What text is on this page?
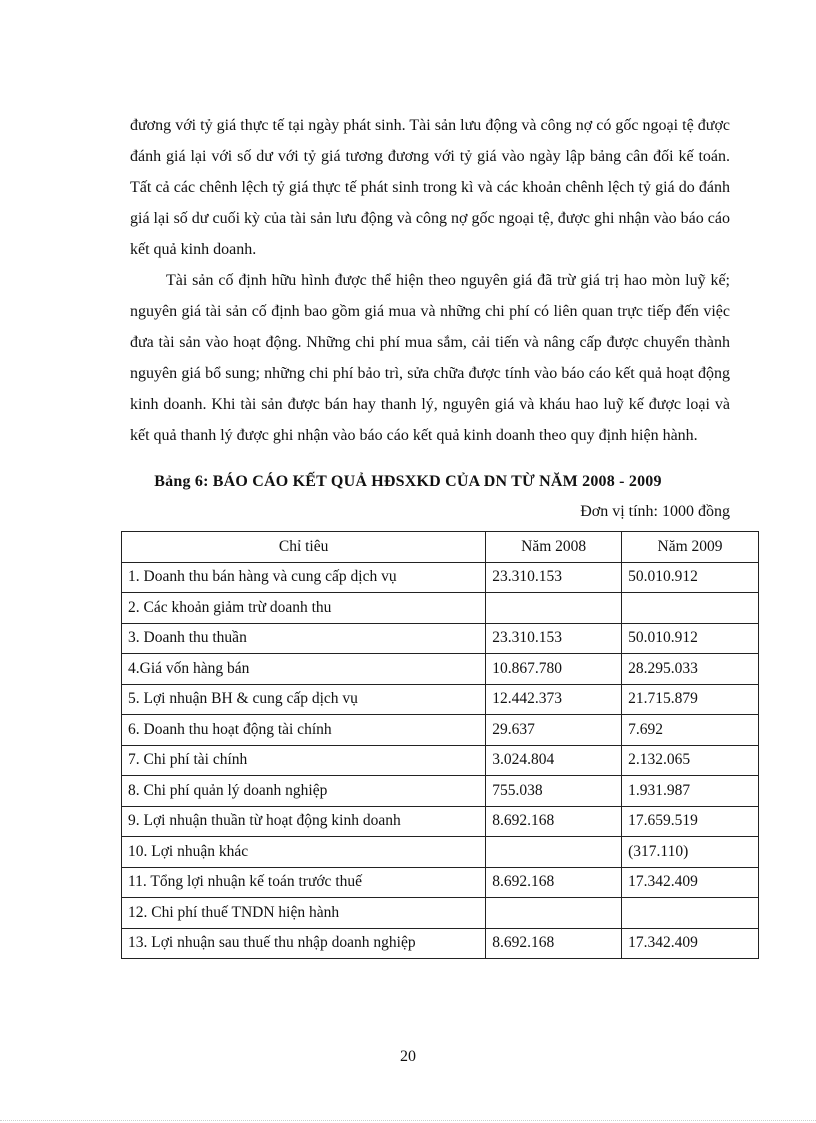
đương với tỷ giá thực tế tại ngày phát sinh. Tài sản lưu động và công nợ có gốc ngoại tệ được đánh giá lại với số dư với tỷ giá tương đương với tỷ giá vào ngày lập bảng cân đối kế toán. Tất cả các chênh lệch tỷ giá thực tế phát sinh trong kì và các khoản chênh lệch tỷ giá do đánh giá lại số dư cuối kỳ của tài sản lưu động và công nợ gốc ngoại tệ, được ghi nhận vào báo cáo kết quả kinh doanh.

Tài sản cố định hữu hình được thể hiện theo nguyên giá đã trừ giá trị hao mòn luỹ kế; nguyên giá tài sản cố định bao gồm giá mua và những chi phí có liên quan trực tiếp đến việc đưa tài sản vào hoạt động. Những chi phí mua sắm, cải tiến và nâng cấp được chuyển thành nguyên giá bổ sung; những chi phí bảo trì, sửa chữa được tính vào báo cáo kết quả hoạt động kinh doanh. Khi tài sản được bán hay thanh lý, nguyên giá và kháu hao luỹ kế được loại và kết quả thanh lý được ghi nhận vào báo cáo kết quả kinh doanh theo quy định hiện hành.

Bảng 6: BÁO CÁO KẾT QUẢ HĐSXKD CỦA DN TỪ NĂM 2008 - 2009

Đơn vị tính: 1000 đồng

Chỉ tiêu	Năm 2008	Năm 2009
1. Doanh thu bán hàng và cung cấp dịch vụ	23.310.153	50.010.912
2. Các khoản giảm trừ doanh thu		
3. Doanh thu thuần	23.310.153	50.010.912
4.Giá vốn hàng bán	10.867.780	28.295.033
5. Lợi nhuận BH & cung cấp dịch vụ	12.442.373	21.715.879
6. Doanh thu hoạt động tài chính	29.637	7.692
7. Chi phí tài chính	3.024.804	2.132.065
8. Chi phí quản lý doanh nghiệp	755.038	1.931.987
9. Lợi nhuận thuần từ hoạt động kinh doanh	8.692.168	17.659.519
10. Lợi nhuận khác		(317.110)
11. Tổng lợi nhuận kế toán trước thuế	8.692.168	17.342.409
12. Chi phí thuế TNDN hiện hành		
13. Lợi nhuận sau thuế thu nhập doanh nghiệp	8.692.168	17.342.409

20
